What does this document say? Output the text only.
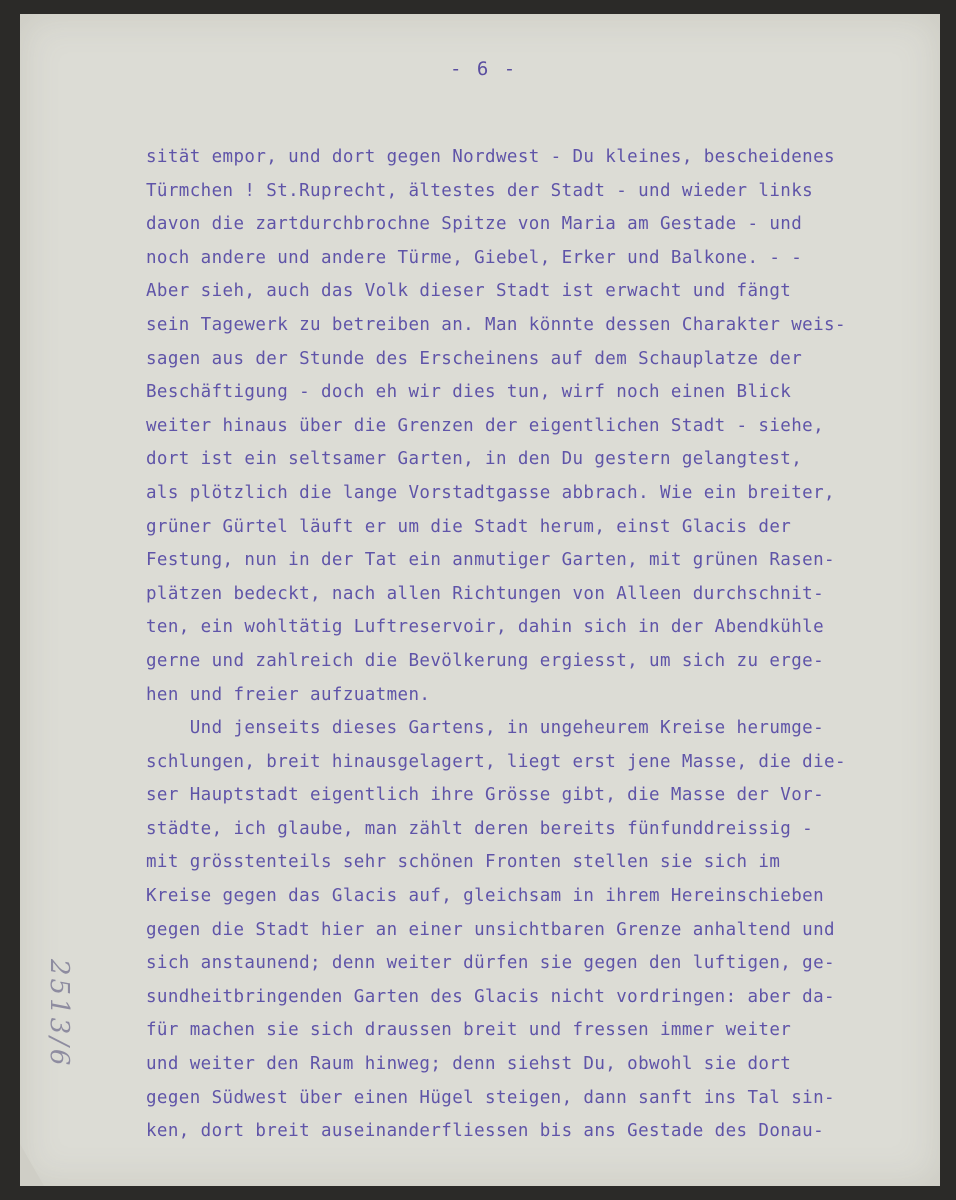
- 6 -
sität empor, und dort gegen Nordwest - Du kleines, bescheidenes
Türmchen ! St.Ruprecht, ältestes der Stadt - und wieder links
davon die zartdurchbrochne Spitze von Maria am Gestade - und
noch andere und andere Türme, Giebel, Erker und Balkone. - -
Aber sieh, auch das Volk dieser Stadt ist erwacht und fängt
sein Tagewerk zu betreiben an. Man könnte dessen Charakter weis-
sagen aus der Stunde des Erscheinens auf dem Schauplatze der
Beschäftigung - doch eh wir dies tun, wirf noch einen Blick
weiter hinaus über die Grenzen der eigentlichen Stadt - siehe,
dort ist ein seltsamer Garten, in den Du gestern gelangtest,
als plötzlich die lange Vorstadtgasse abbrach. Wie ein breiter,
grüner Gürtel läuft er um die Stadt herum, einst Glacis der
Festung, nun in der Tat ein anmutiger Garten, mit grünen Rasen-
plätzen bedeckt, nach allen Richtungen von Alleen durchschnit-
ten, ein wohltätig Luftreservoir, dahin sich in der Abendkühle
gerne und zahlreich die Bevölkerung ergiesst, um sich zu erge-
hen und freier aufzuatmen.
Und jenseits dieses Gartens, in ungeheurem Kreise herumge-
schlungen, breit hinausgelagert, liegt erst jene Masse, die die-
ser Hauptstadt eigentlich ihre Grösse gibt, die Masse der Vor-
städte, ich glaube, man zählt deren bereits fünfunddreissig -
mit grösstenteils sehr schönen Fronten stellen sie sich im
Kreise gegen das Glacis auf, gleichsam in ihrem Hereinschieben
gegen die Stadt hier an einer unsichtbaren Grenze anhaltend und
sich anstaunend; denn weiter dürfen sie gegen den luftigen, ge-
sundheitbringenden Garten des Glacis nicht vordringen: aber da-
für machen sie sich draussen breit und fressen immer weiter
und weiter den Raum hinweg; denn siehst Du, obwohl sie dort
gegen Südwest über einen Hügel steigen, dann sanft ins Tal sin-
ken, dort breit auseinanderfliessen bis ans Gestade des Donau-
2513/6
